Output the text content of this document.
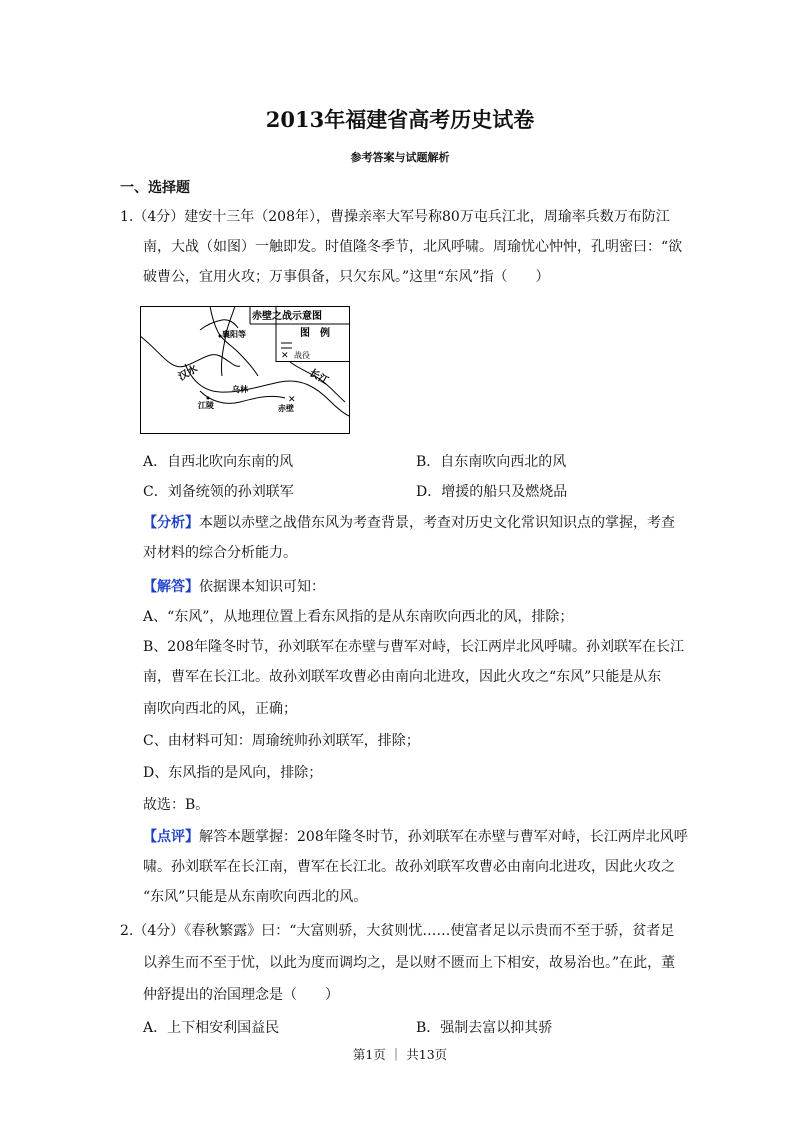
2013年福建省高考历史试卷
参考答案与试题解析
一、选择题
1.（4分）建安十三年（208年），曹操亲率大军号称80万屯兵江北，周瑜率兵数万布防江
南，大战（如图）一触即发。时值隆冬季节，北风呼啸。周瑜忧心忡忡，孔明密曰：“欲
破曹公，宜用火攻；万事俱备，只欠东风。”这里“东风”指（　　）
赤壁之战示意图
图　例
✕ 战役
襄阳等
汉水	长江
乌林
江陵
✕
赤壁
A．自西北吹向东南的风	B．自东南吹向西北的风
C．刘备统领的孙刘联军	D．增援的船只及燃烧品
【分析】本题以赤壁之战借东风为考查背景，考查对历史文化常识知识点的掌握，考查
对材料的综合分析能力。
【解答】依据课本知识可知：
A、“东风”，从地理位置上看东风指的是从东南吹向西北的风，排除；
B、208年隆冬时节，孙刘联军在赤壁与曹军对峙，长江两岸北风呼啸。孙刘联军在长江
南，曹军在长江北。故孙刘联军攻曹必由南向北进攻，因此火攻之“东风”只能是从东
南吹向西北的风，正确；
C、由材料可知：周瑜统帅孙刘联军，排除；
D、东风指的是风向，排除；
故选：B。
【点评】解答本题掌握：208年隆冬时节，孙刘联军在赤壁与曹军对峙，长江两岸北风呼
啸。孙刘联军在长江南，曹军在长江北。故孙刘联军攻曹必由南向北进攻，因此火攻之
“东风”只能是从东南吹向西北的风。
2.（4分）《春秋繁露》曰：“大富则骄，大贫则忧……使富者足以示贵而不至于骄，贫者足
以养生而不至于忧，以此为度而调均之，是以财不匮而上下相安，故易治也。”在此，董
仲舒提出的治国理念是（　　）
A．上下相安利国益民	B．强制去富以抑其骄
第1页 ｜ 共13页
